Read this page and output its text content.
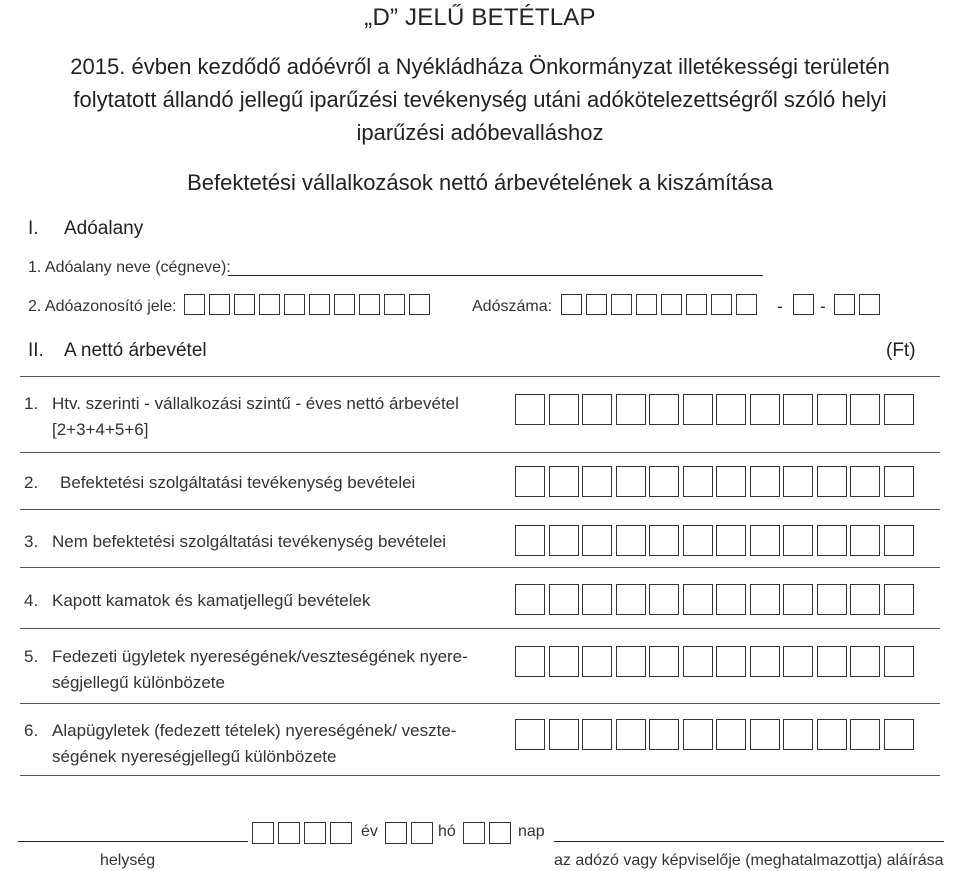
„D” JELŰ BETÉTLAP
2015. évben kezdődő adóévről a Nyékládháza Önkormányzat illetékességi területén folytatott állandó jellegű iparűzési tevékenység utáni adókötelezettségről szóló helyi iparűzési adóbevalláshoz
Befektetési vállalkozások nettó árbevételének a kiszámítása
I. Adóalany
1. Adóalany neve (cégneve):
2. Adóazonosító jele:	Adószáma:	- -
II. A nettó árbevétel	(Ft)
1. Htv. szerinti - vállalkozási szintű - éves nettó árbevétel [2+3+4+5+6]
2. Befektetési szolgáltatási tevékenység bevételei
3. Nem befektetési szolgáltatási tevékenység bevételei
4. Kapott kamatok és kamatjellegű bevételek
5. Fedezeti ügyletek nyereségének/veszteségének nyere-ségjellegű különbözete
6. Alapügyletek (fedezett tételek) nyereségének/ veszte-ségének nyereségjellegű különbözete
év	hó	nap
helység	az adózó vagy képviselője (meghatalmazottja) aláírása
